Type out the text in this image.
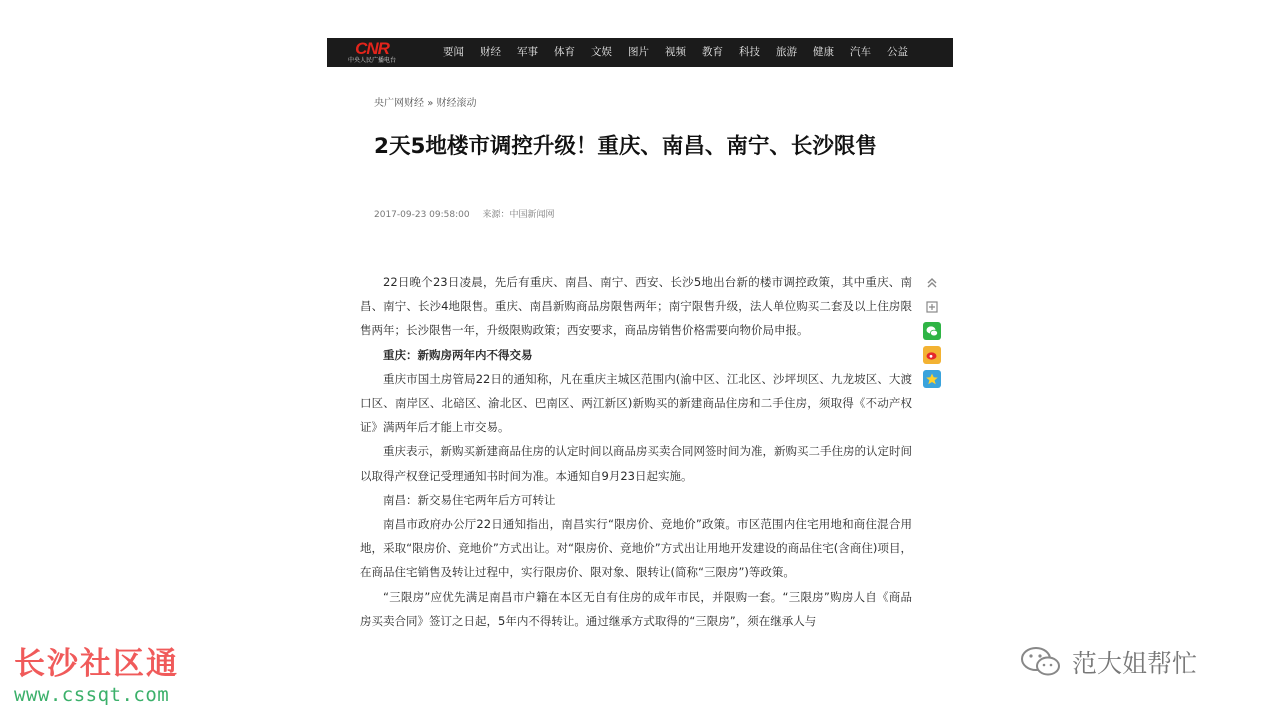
CNR
中央人民广播电台
要闻	财经	军事	体育	文娱	图片	视频	教育	科技	旅游	健康	汽车	公益
央广网财经 » 财经滚动
2天5地楼市调控升级！重庆、南昌、南宁、长沙限售
2017-09-23 09:58:00 来源：中国新闻网

22日晚个23日凌晨，先后有重庆、南昌、南宁、西安、长沙5地出台新的楼市调控政策，其中重庆、南昌、南宁、长沙4地限售。重庆、南昌新购商品房限售两年；南宁限售升级，法人单位购买二套及以上住房限售两年；长沙限售一年，升级限购政策；西安要求，商品房销售价格需要向物价局申报。

重庆：新购房两年内不得交易

重庆市国土房管局22日的通知称，凡在重庆主城区范围内(渝中区、江北区、沙坪坝区、九龙坡区、大渡口区、南岸区、北碚区、渝北区、巴南区、两江新区)新购买的新建商品住房和二手住房，须取得《不动产权证》满两年后才能上市交易。

重庆表示，新购买新建商品住房的认定时间以商品房买卖合同网签时间为准，新购买二手住房的认定时间以取得产权登记受理通知书时间为准。本通知自9月23日起实施。

南昌：新交易住宅两年后方可转让

南昌市政府办公厅22日通知指出，南昌实行“限房价、竞地价”政策。市区范围内住宅用地和商住混合用地，采取“限房价、竞地价”方式出让。对“限房价、竞地价”方式出让用地开发建设的商品住宅(含商住)项目，在商品住宅销售及转让过程中，实行限房价、限对象、限转让(简称“三限房”)等政策。

“三限房”应优先满足南昌市户籍在本区无自有住房的成年市民，并限购一套。“三限房”购房人自《商品房买卖合同》签订之日起，5年内不得转让。通过继承方式取得的“三限房”，须在继承人与

长沙社区通
www.cssqt.com
范大姐帮忙
